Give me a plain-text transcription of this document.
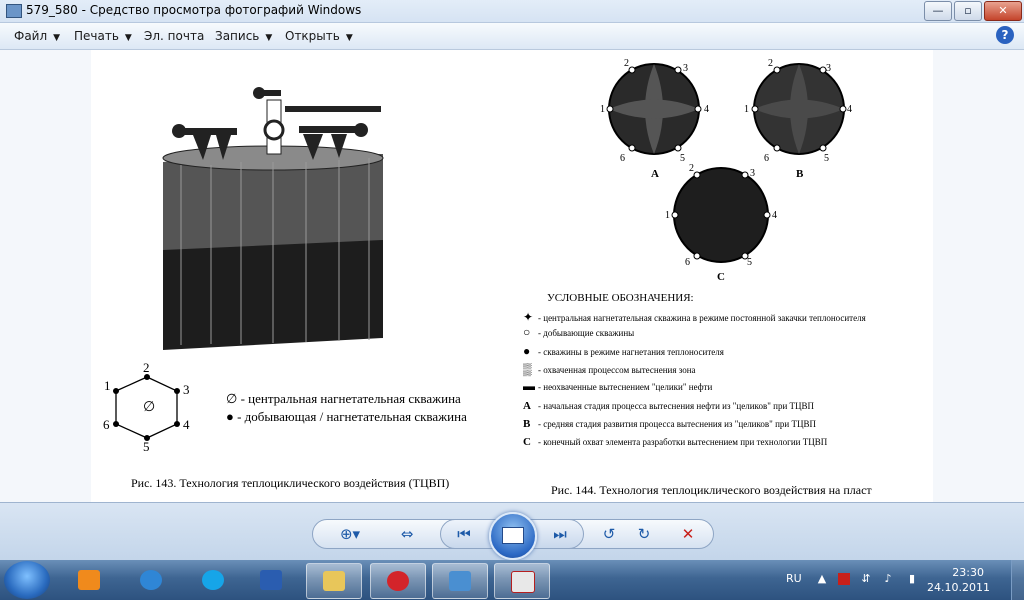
579_580 - Средство просмотра фотографий Windows	—	▫	✕
Файл ▼ Печать ▼ Эл. почта Запись ▼ Открыть ▼	?
∅
1
2
3
4
5
6
∅ - центральная нагнетательная скважина
● - добывающая / нагнетательная скважина
Рис. 143. Технология теплоциклического воздействия (ТЦВП)
2	3
1	4
6	5
A
2	3
1	4
6	5
B
2	3
1	4
6	5
C
УСЛОВНЫЕ ОБОЗНАЧЕНИЯ:
✦ - центральная нагнетательная скважина в режиме постоянной закачки теплоносителя
○ - добывающие скважины
● - скважины в режиме нагнетания теплоносителя
▒ - охваченная процессом вытеснения зона
▬ - неохваченные вытеснением "целики" нефти
A - начальная стадия процесса вытеснения нефти из "целиков" при ТЦВП
B - средняя стадия развития процесса вытеснения из "целиков" при ТЦВП
C - конечный охват элемента разработки вытеснением при технологии ТЦВП
Рис. 144. Технология теплоциклического воздействия на пласт
⊕▾	⇔	⏮	⏭	↺	↻	✕
RU ▲	⇵ ♪ ▮	23:30
24.10.2011
